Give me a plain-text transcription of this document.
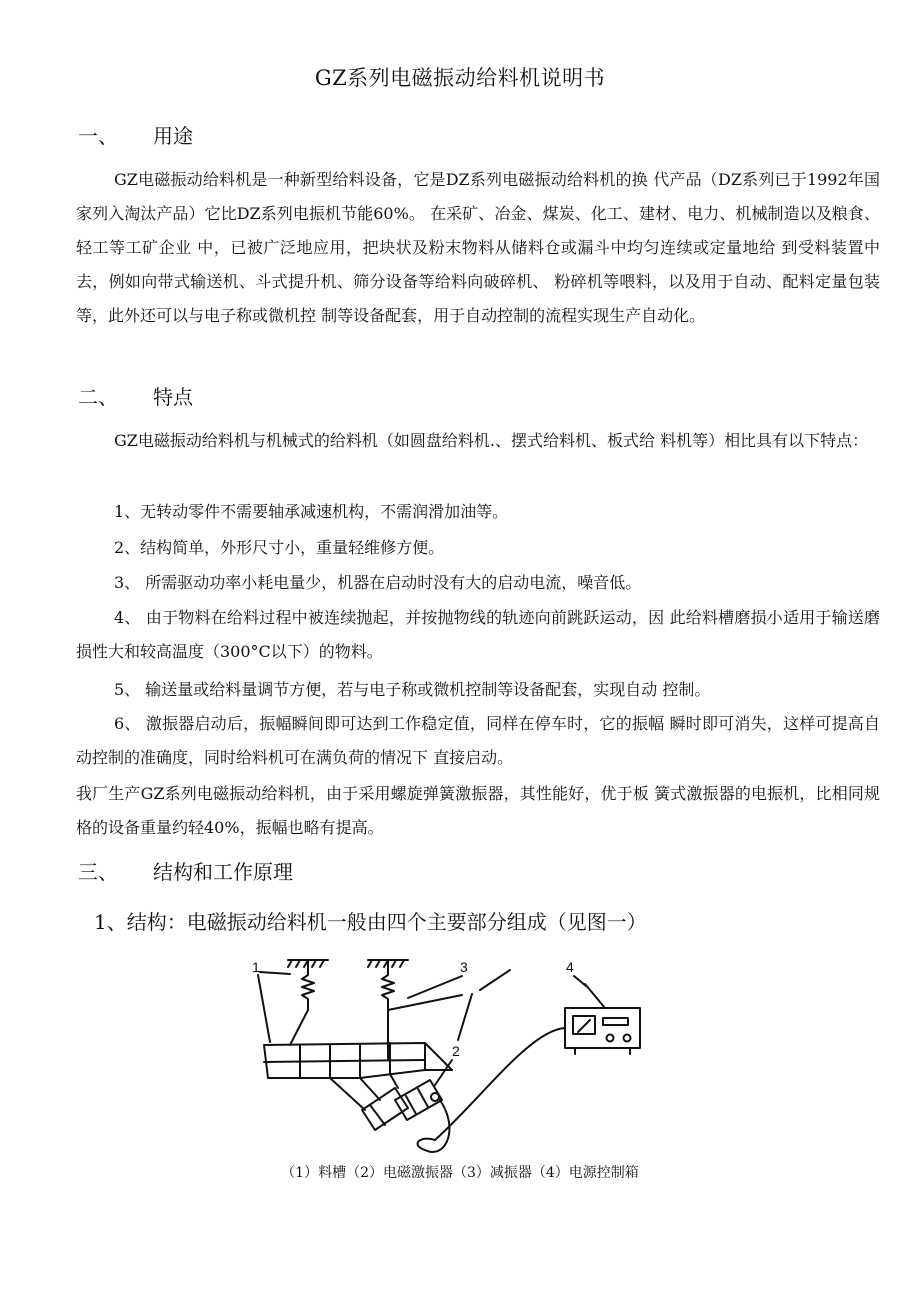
GZ系列电磁振动给料机说明书
一、 用途

GZ电磁振动给料机是一种新型给料设备，它是DZ系列电磁振动给料机的换 代产品（DZ系列已于1992年国家列入淘汰产品）它比DZ系列电振机节能60%。 在采矿、冶金、煤炭、化工、建材、电力、机械制造以及粮食、轻工等工矿企业 中，已被广泛地应用，把块状及粉末物料从储料仓或漏斗中均匀连续或定量地给 到受料装置中去，例如向带式输送机、斗式提升机、筛分设备等给料向破碎机、 粉碎机等喂料，以及用于自动、配料定量包装等，此外还可以与电子称或微机控 制等设备配套，用于自动控制的流程实现生产自动化。

二、 特点

GZ电磁振动给料机与机械式的给料机（如圆盘给料机.、摆式给料机、板式给 料机等）相比具有以下特点：

1、无转动零件不需要轴承减速机构，不需润滑加油等。

2、结构简单，外形尺寸小，重量轻维修方便。

3、 所需驱动功率小耗电量少，机器在启动时没有大的启动电流，噪音低。

4、 由于物料在给料过程中被连续抛起，并按抛物线的轨迹向前跳跃运动，因 此给料槽磨损小适用于输送磨损性大和较高温度（300°C以下）的物料。

5、 输送量或给料量调节方便，若与电子称或微机控制等设备配套，实现自动 控制。

6、 激振器启动后，振幅瞬间即可达到工作稳定值，同样在停车时，它的振幅 瞬时即可消失，这样可提高自动控制的准确度，同时给料机可在满负荷的情况下 直接启动。

我厂生产GZ系列电磁振动给料机，由于采用螺旋弹簧激振器，其性能好，优于板 簧式激振器的电振机，比相同规格的设备重量约轻40%，振幅也略有提高。

三、 结构和工作原理
1、结构：电磁振动给料机一般由四个主要部分组成（见图一）
1
2
3	4
（1）料槽（2）电磁激振器（3）减振器（4）电源控制箱
